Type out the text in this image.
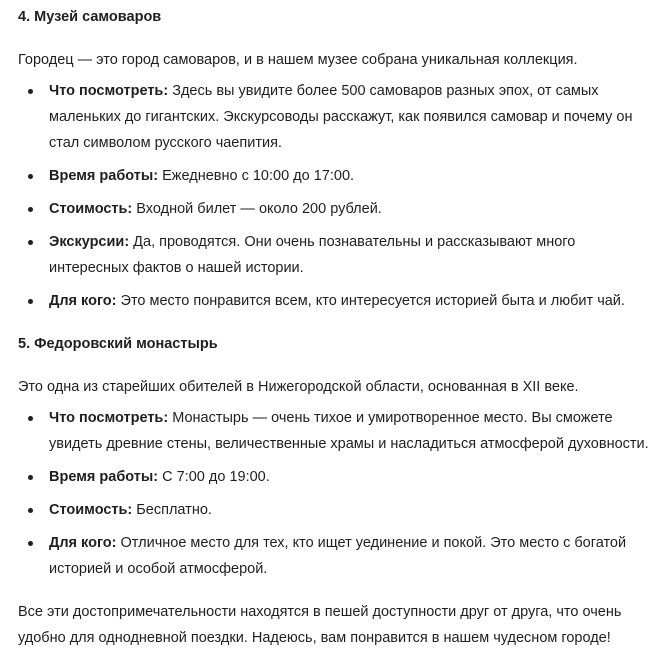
4. Музей самоваров

Городец — это город самоваров, и в нашем музее собрана уникальная коллекция.

Что посмотреть: Здесь вы увидите более 500 самоваров разных эпох, от самых маленьких до гигантских. Экскурсоводы расскажут, как появился самовар и почему он стал символом русского чаепития.
Время работы: Ежедневно с 10:00 до 17:00.
Стоимость: Входной билет — около 200 рублей.
Экскурсии: Да, проводятся. Они очень познавательны и рассказывают много интересных фактов о нашей истории.
Для кого: Это место понравится всем, кто интересуется историей быта и любит чай.
5. Федоровский монастырь

Это одна из старейших обителей в Нижегородской области, основанная в XII веке.

Что посмотреть: Монастырь — очень тихое и умиротворенное место. Вы сможете увидеть древние стены, величественные храмы и насладиться атмосферой духовности.
Время работы: С 7:00 до 19:00.
Стоимость: Бесплатно.
Для кого: Отличное место для тех, кто ищет уединение и покой. Это место с богатой историей и особой атмосферой.

Все эти достопримечательности находятся в пешей доступности друг от друга, что очень удобно для однодневной поездки. Надеюсь, вам понравится в нашем чудесном городе!
